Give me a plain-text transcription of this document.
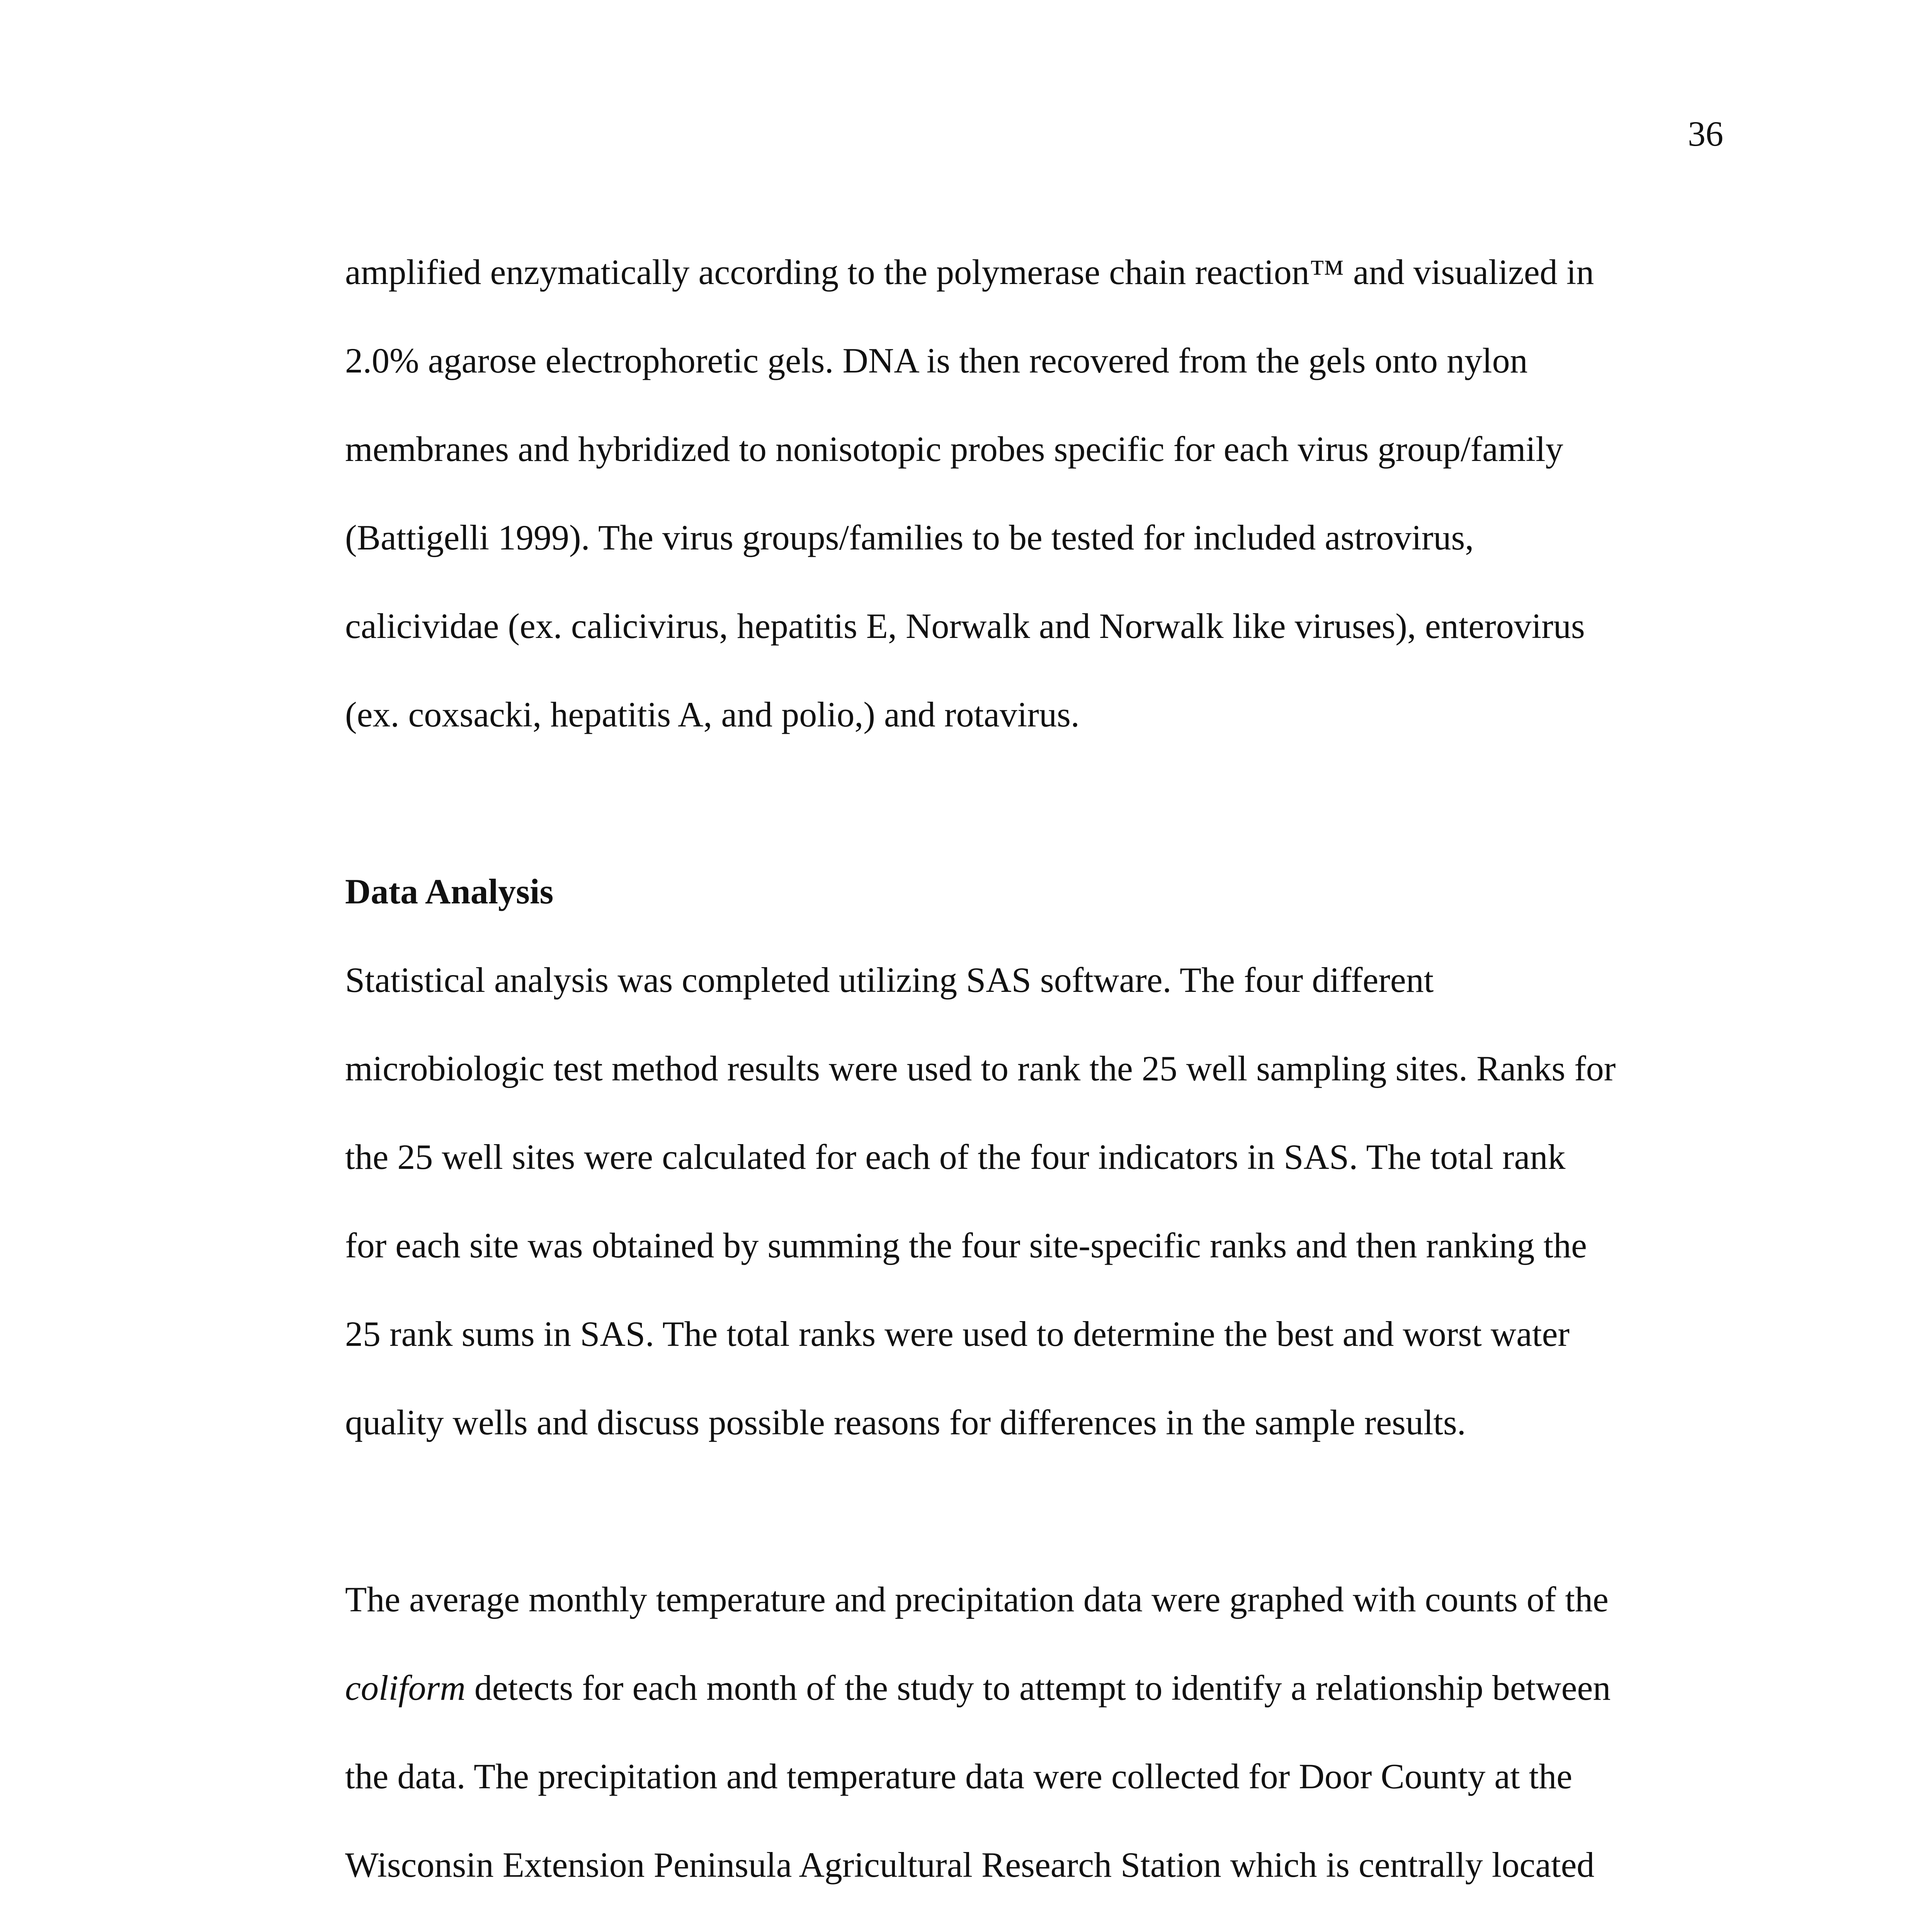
36
amplified enzymatically according to the polymerase chain reaction™ and visualized in
2.0% agarose electrophoretic gels. DNA is then recovered from the gels onto nylon
membranes and hybridized to nonisotopic probes specific for each virus group/family
(Battigelli 1999). The virus groups/families to be tested for included astrovirus,
calicividae (ex. calicivirus, hepatitis E, Norwalk and Norwalk like viruses), enterovirus
(ex. coxsacki, hepatitis A, and polio,) and rotavirus.
Data Analysis
Statistical analysis was completed utilizing SAS software. The four different
microbiologic test method results were used to rank the 25 well sampling sites. Ranks for
the 25 well sites were calculated for each of the four indicators in SAS. The total rank
for each site was obtained by summing the four site-specific ranks and then ranking the
25 rank sums in SAS. The total ranks were used to determine the best and worst water
quality wells and discuss possible reasons for differences in the sample results.
The average monthly temperature and precipitation data were graphed with counts of the
coliform detects for each month of the study to attempt to identify a relationship between
the data. The precipitation and temperature data were collected for Door County at the
Wisconsin Extension Peninsula Agricultural Research Station which is centrally located
